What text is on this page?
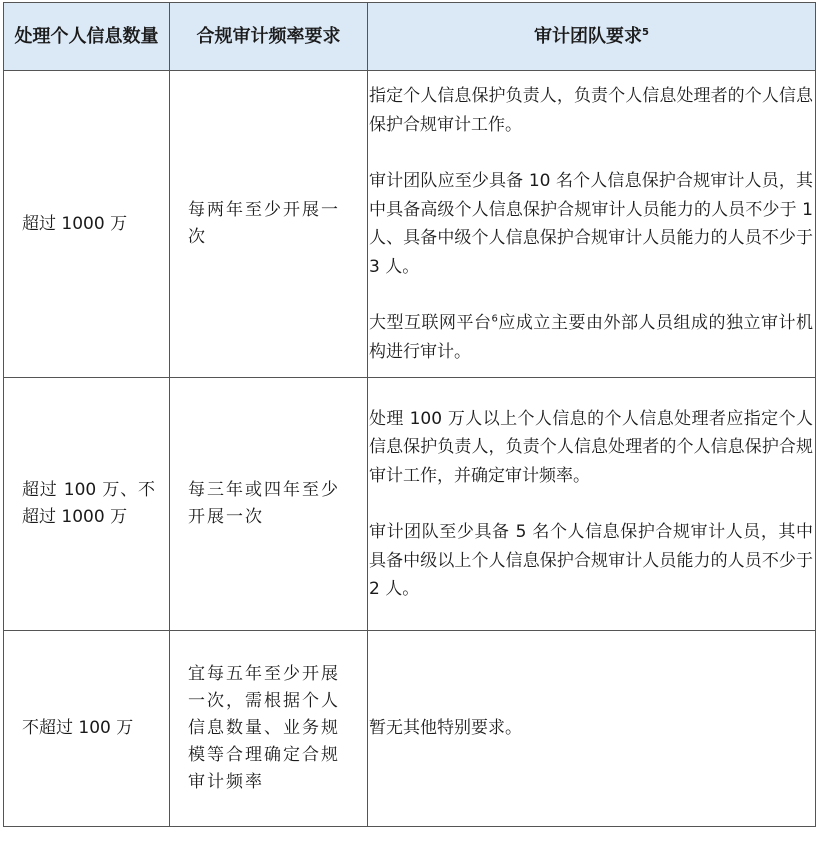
处理个人信息数量	合规审计频率要求	审计团队要求$^5$
超过 1000 万	每两年至少开展一次	指定个人信息保护负责人，负责个人信息处理者的个人信息保护合规审计工作。

审计团队应至少具备 10 名个人信息保护合规审计人员，其中具备高级个人信息保护合规审计人员能力的人员不少于 1 人、具备中级个人信息保护合规审计人员能力的人员不少于 3 人。

大型互联网平台$^6$应成立主要由外部人员组成的独立审计机构进行审计。

超过 100 万、不超过 1000 万	每三年或四年至少开展一次	处理 100 万人以上个人信息的个人信息处理者应指定个人信息保护负责人，负责个人信息处理者的个人信息保护合规审计工作，并确定审计频率。

审计团队至少具备 5 名个人信息保护合规审计人员，其中具备中级以上个人信息保护合规审计人员能力的人员不少于 2 人。

不超过 100 万	宜每五年至少开展一次，需根据个人信息数量、业务规模等合理确定合规审计频率	暂无其他特别要求。
